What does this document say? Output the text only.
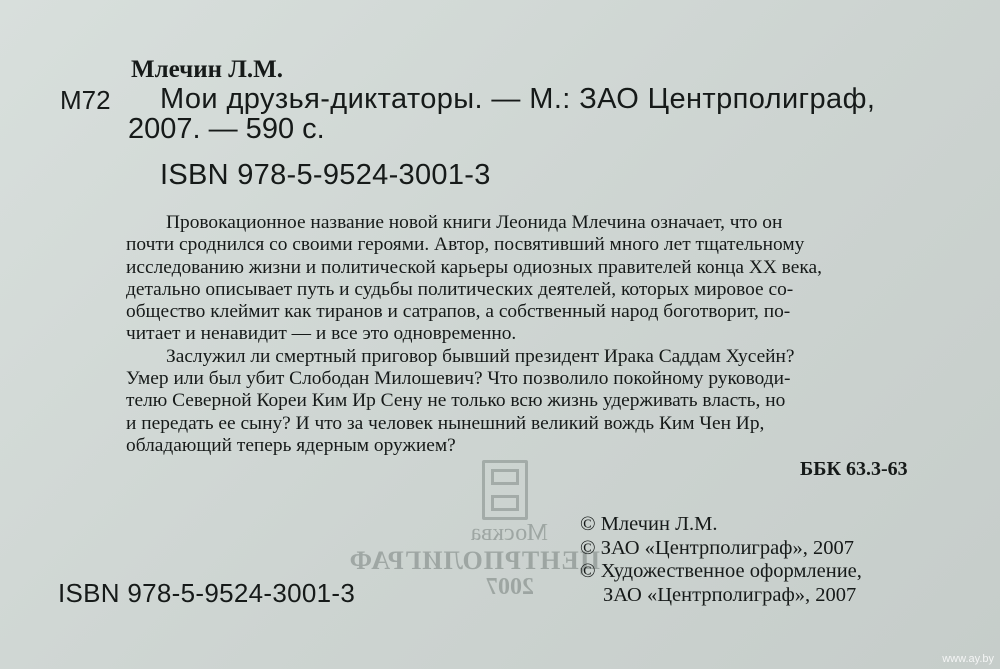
Млечин Л.М.
М72 Мои друзья-диктаторы. — М.: ЗАО Центрполиграф,
2007. — 590 с.
ISBN 978-5-9524-3001-3

Провокационное название новой книги Леонида Млечина означает, что он
почти сроднился со своими героями. Автор, посвятивший много лет тщательному
исследованию жизни и политической карьеры одиозных правителей конца XX века,
детально описывает путь и судьбы политических деятелей, которых мировое со-
общество клеймит как тиранов и сатрапов, а собственный народ боготворит, по-
читает и ненавидит — и все это одновременно.

Заслужил ли смертный приговор бывший президент Ирака Саддам Хусейн?
Умер или был убит Слободан Милошевич? Что позволило покойному руководи-
телю Северной Кореи Ким Ир Сену не только всю жизнь удерживать власть, но
и передать ее сыну? И что за человек нынешний великий вождь Ким Чен Ир,
обладающий теперь ядерным оружием?

ББК 63.3-63
Москва
ЦЕНТРПОЛИГРАФ
2007
© Млечин Л.М.
© ЗАО «Центрполиграф», 2007
© Художественное оформление,
ЗАО «Центрполиграф», 2007
ISBN 978-5-9524-3001-3
www.ay.by
